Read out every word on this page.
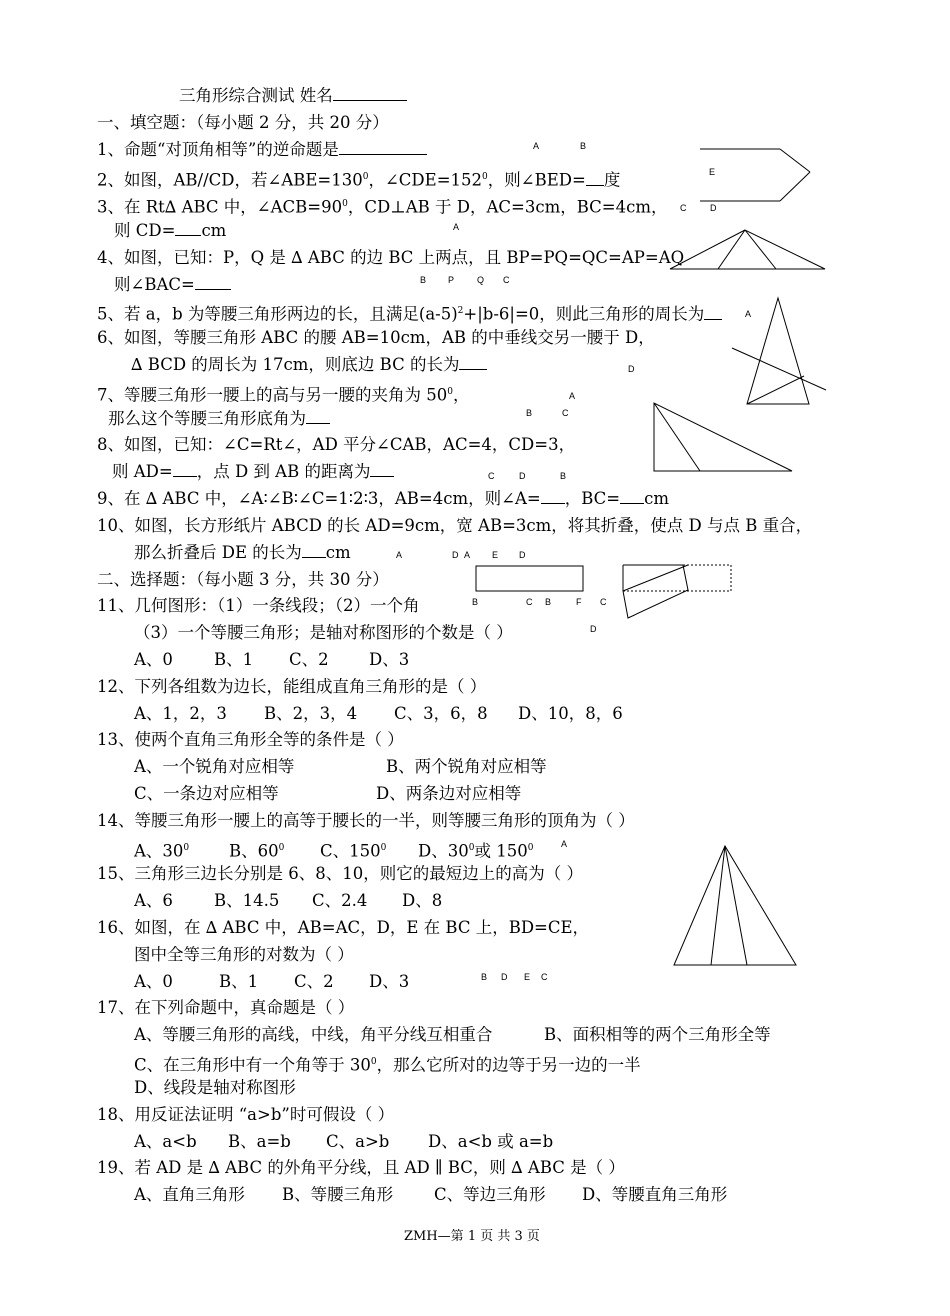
三角形综合测试 姓名
一、填空题：（每小题 2 分，共 20 分）
1、命题“对顶角相等”的逆命题是
2、如图，AB//CD，若$\angle ABE=130^0$，$\angle CDE=152^0$，则∠BED= 度
3、在 Rt∆ ABC 中，$\angle ACB=90^0$，CD⊥AB 于 D，AC=3cm，BC=4cm，
则 CD= cm
4、如图，已知：P，Q 是 ∆ ABC 的边 BC 上两点，且 BP=PQ=QC=AP=AQ
则∠BAC=
5、若 a，b 为等腰三角形两边的长，且满足$(a-5)^2+|b-6|=0$，则此三角形的周长为
6、如图，等腰三角形 ABC 的腰 AB=10cm，AB 的中垂线交另一腰于 D，
∆ BCD 的周长为 17cm，则底边 BC 的长为
7、等腰三角形一腰上的高与另一腰的夹角为 $50^0$，
那么这个等腰三角形底角为
8、如图，已知：∠C=Rt∠，AD 平分∠CAB，AC=4，CD=3，
则 AD= ，点 D 到 AB 的距离为
9、在 ∆ ABC 中，∠A∶∠B∶∠C=1∶2∶3，AB=4cm，则∠A= ，BC= cm
10、如图，长方形纸片 ABCD 的长 AD=9cm，宽 AB=3cm，将其折叠，使点 D 与点 B 重合，
那么折叠后 DE 的长为 cm
二、选择题：（每小题 3 分，共 30 分）
11、几何图形：（1）一条线段；（2）一个角
（3）一个等腰三角形；是轴对称图形的个数是（ ）
A、0 B、1 C、2 D、3
12、下列各组数为边长，能组成直角三角形的是（ ）
A、1，2，3 B、2，3，4 C、3，6，8 D、10，8，6
13、使两个直角三角形全等的条件是（ ）
A、一个锐角对应相等	B、两个锐角对应相等
C、一条边对应相等	D、两条边对应相等
14、等腰三角形一腰上的高等于腰长的一半，则等腰三角形的顶角为（ ）
A、$30^0$ B、$60^0$ C、$150^0$ D、$30^0$或 $150^0$
15、三角形三边长分别是 6、8、10，则它的最短边上的高为（ ）
A、6 B、14.5 C、2.4 D、8
16、如图，在 ∆ ABC 中，AB=AC，D，E 在 BC 上，BD=CE，
图中全等三角形的对数为（ ）
A、0	B、1 C、2 D、3
17、在下列命题中，真命题是（ ）
A、等腰三角形的高线，中线，角平分线互相重合	B、面积相等的两个三角形全等
C、在三角形中有一个角等于 $30^0$，那么它所对的边等于另一边的一半
D、线段是轴对称图形
18、用反证法证明 “a>b”时可假设（ ）
A、a<b B、a=b C、a>b D、a<b 或 a=b
19、若 AD 是 ∆ ABC 的外角平分线，且 AD ∥ BC，则 ∆ ABC 是（ ）
A、直角三角形 B、等腰三角形 C、等边三角形 D、等腰直角三角形
ZMH—第 1 页 共 3 页
A	B
E
C	D
A
B P	Q C
A
D
B	C
A
C	D	B
A	D A E D
B	C B	F C
D
A
B D E C
